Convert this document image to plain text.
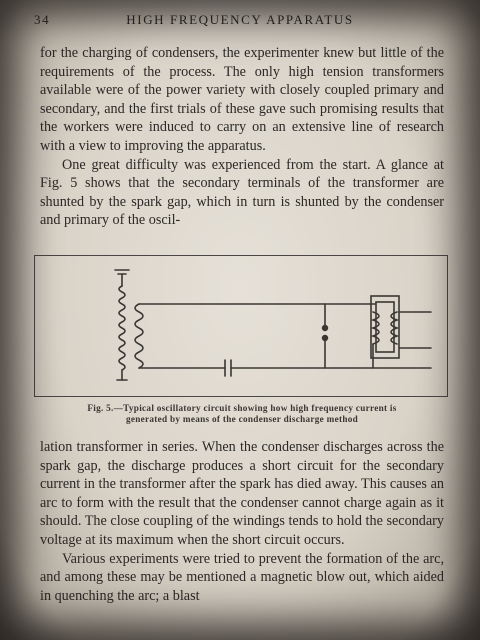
34	HIGH FREQUENCY APPARATUS

for the charging of condensers, the experimenter knew but little of the requirements of the process. The only high tension transformers available were of the power variety with closely coupled primary and secondary, and the first trials of these gave such promising results that the workers were induced to carry on an extensive line of research with a view to improving the apparatus.

One great difficulty was experienced from the start. A glance at Fig. 5 shows that the secondary terminals of the transformer are shunted by the spark gap, which in turn is shunted by the condenser and primary of the oscil-

Fig. 5.—Typical oscillatory circuit showing how high frequency current is
generated by means of the condenser discharge method

lation transformer in series. When the condenser discharges across the spark gap, the discharge produces a short circuit for the secondary current in the transformer after the spark has died away. This causes an arc to form with the result that the condenser cannot charge again as it should. The close coupling of the windings tends to hold the secondary voltage at its maximum when the short circuit occurs.

Various experiments were tried to prevent the formation of the arc, and among these may be mentioned a magnetic blow out, which aided in quenching the arc; a blast
